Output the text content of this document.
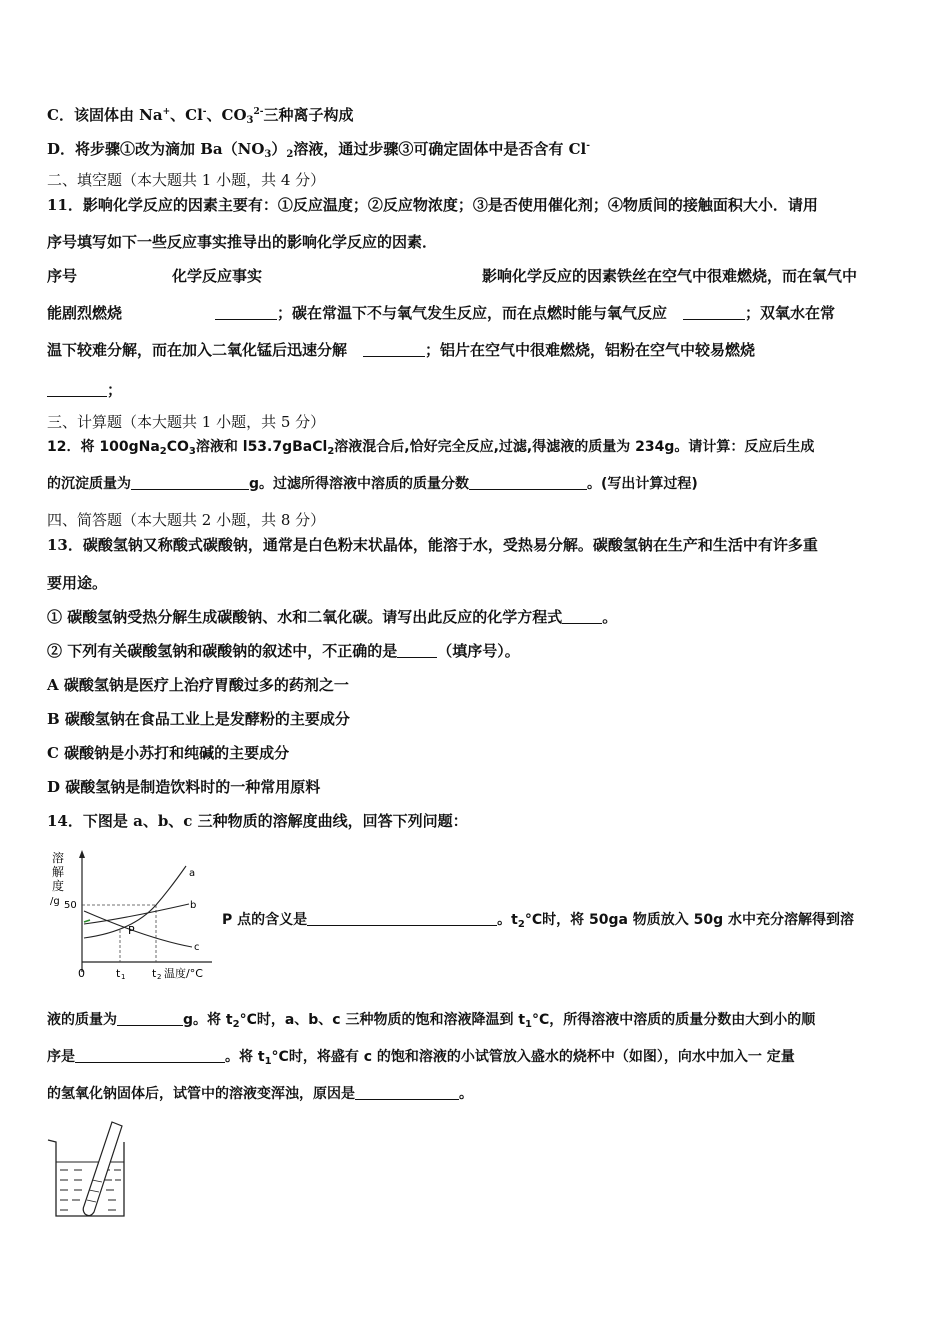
C．该固体由 Na+、Cl-、$CO_3^{2-}$三种离子构成
D．将步骤①改为滴加 $Ba(NO_3)_2$溶液，通过步骤③可确定固体中是否含有 Cl-
二、填空题（本大题共 1 小题，共 4 分）
11．影响化学反应的因素主要有：①反应温度；②反应物浓度；③是否使用催化剂；④物质间的接触面积大小．请用
序号填写如下一些反应事实推导出的影响化学反应的因素．
序号	化学反应事实	影响化学反应的因素铁丝在空气中很难燃烧，而在氧气中
能剧烈燃烧	；碳在常温下不与氧气发生反应，而在点燃时能与氧气反应	；双氧水在常
温下较难分解，而在加入二氧化锰后迅速分解	；铝片在空气中很难燃烧，铝粉在空气中较易燃烧
；
三、计算题（本大题共 1 小题，共 5 分）
12．将 $100gNa_2CO_3$溶液和 l53.7gBaCl$_2$溶液混合后,恰好完全反应,过滤,得滤液的质量为 234g。请计算：反应后生成
的沉淀质量为	g。过滤所得溶液中溶质的质量分数	。(写出计算过程)
四、简答题（本大题共 2 小题，共 8 分）
13．碳酸氢钠又称酸式碳酸钠，通常是白色粉末状晶体，能溶于水，受热易分解。碳酸氢钠在生产和生活中有许多重
要用途。
① 碳酸氢钠受热分解生成碳酸钠、水和二氧化碳。请写出此反应的化学方程式	。
② 下列有关碳酸氢钠和碳酸钠的叙述中，不正确的是	（填序号）。
A 碳酸氢钠是医疗上治疗胃酸过多的药剂之一
B 碳酸氢钠在食品工业上是发酵粉的主要成分
C 碳酸钠是小苏打和纯碱的主要成分
D 碳酸氢钠是制造饮料时的一种常用原料
14．下图是 a、b、c 三种物质的溶解度曲线，回答下列问题：
溶
解
度
/g 50
0	t 1 t 2 温度/°C
a
b
c
P
P 点的含义是	。$t_2^\circ C$时，将 50ga 物质放入 50g 水中充分溶解得到溶
液的质量为	g。将 $t_2^\circ C$时，a、b、c 三种物质的饱和溶液降温到 $t_1^\circ C$，所得溶液中溶质的质量分数由大到小的顺
序是	。将 $t_1^\circ C$时，将盛有 c 的饱和溶液的小试管放入盛水的烧杯中（如图），向水中加入一 定量
的氢氧化钠固体后，试管中的溶液变浑浊，原因是	。
